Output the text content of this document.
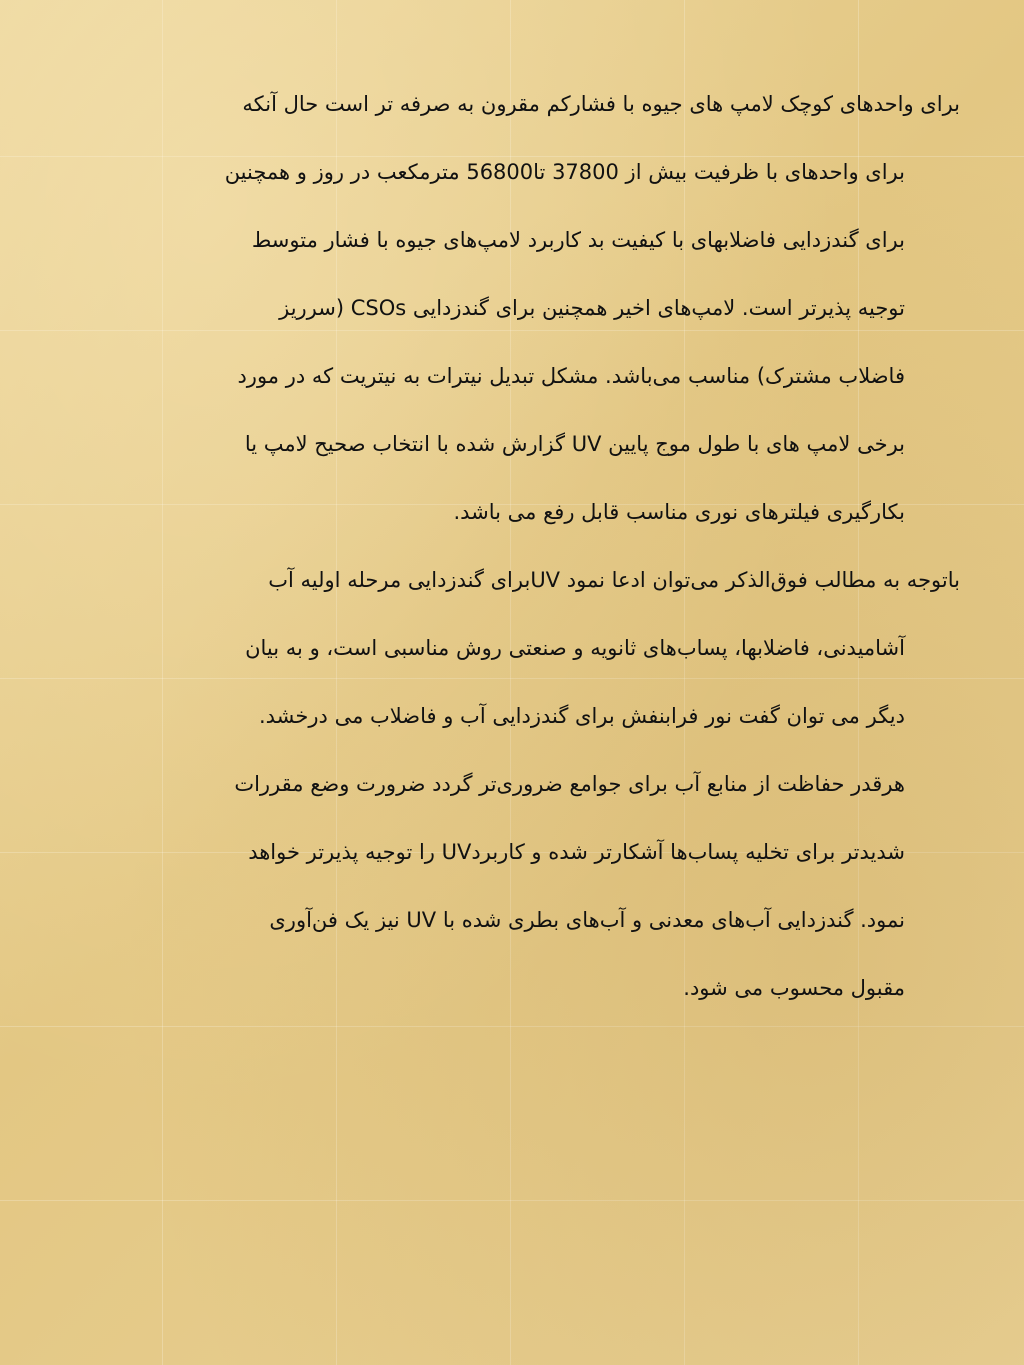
برای واحدهای کوچک لامپ های جیوه با فشارکم مقرون به صرفه تر است حال آنکه
برای واحدهای با ظرفیت بیش از 37800 تا56800 مترمکعب در روز و همچنین
برای گندزدایی فاضلابهای با کیفیت بد کاربرد لامپ‌های جیوه با فشار متوسط
توجیه پذیرتر است. لامپ‌های اخیر همچنین برای گندزدایی CSOs (سرریز
فاضلاب مشترک) مناسب می‌باشد. مشکل تبدیل نیترات به نیتریت که در مورد
برخی لامپ های با طول موج پایین UV گزارش شده با انتخاب صحیح لامپ یا
بکارگیری فیلترهای نوری مناسب قابل رفع می باشد.
باتوجه به مطالب فوق‌الذکر می‌توان ادعا نمود UVبرای گندزدایی مرحله اولیه آب
آشامیدنی، فاضلابها، پساب‌های ثانویه و صنعتی روش مناسبی است، و به بیان
دیگر می توان گفت نور فرابنفش برای گندزدایی آب و فاضلاب می درخشد.
هرقدر حفاظت از منابع آب برای جوامع ضروری‌تر گردد ضرورت وضع مقررات
شدیدتر برای تخلیه پساب‌ها آشکارتر شده و کاربردUV را توجیه پذیرتر خواهد
نمود. گندزدایی آب‌های معدنی و آب‌های بطری شده با UV نیز یک فن‌آوری
مقبول محسوب می شود.
